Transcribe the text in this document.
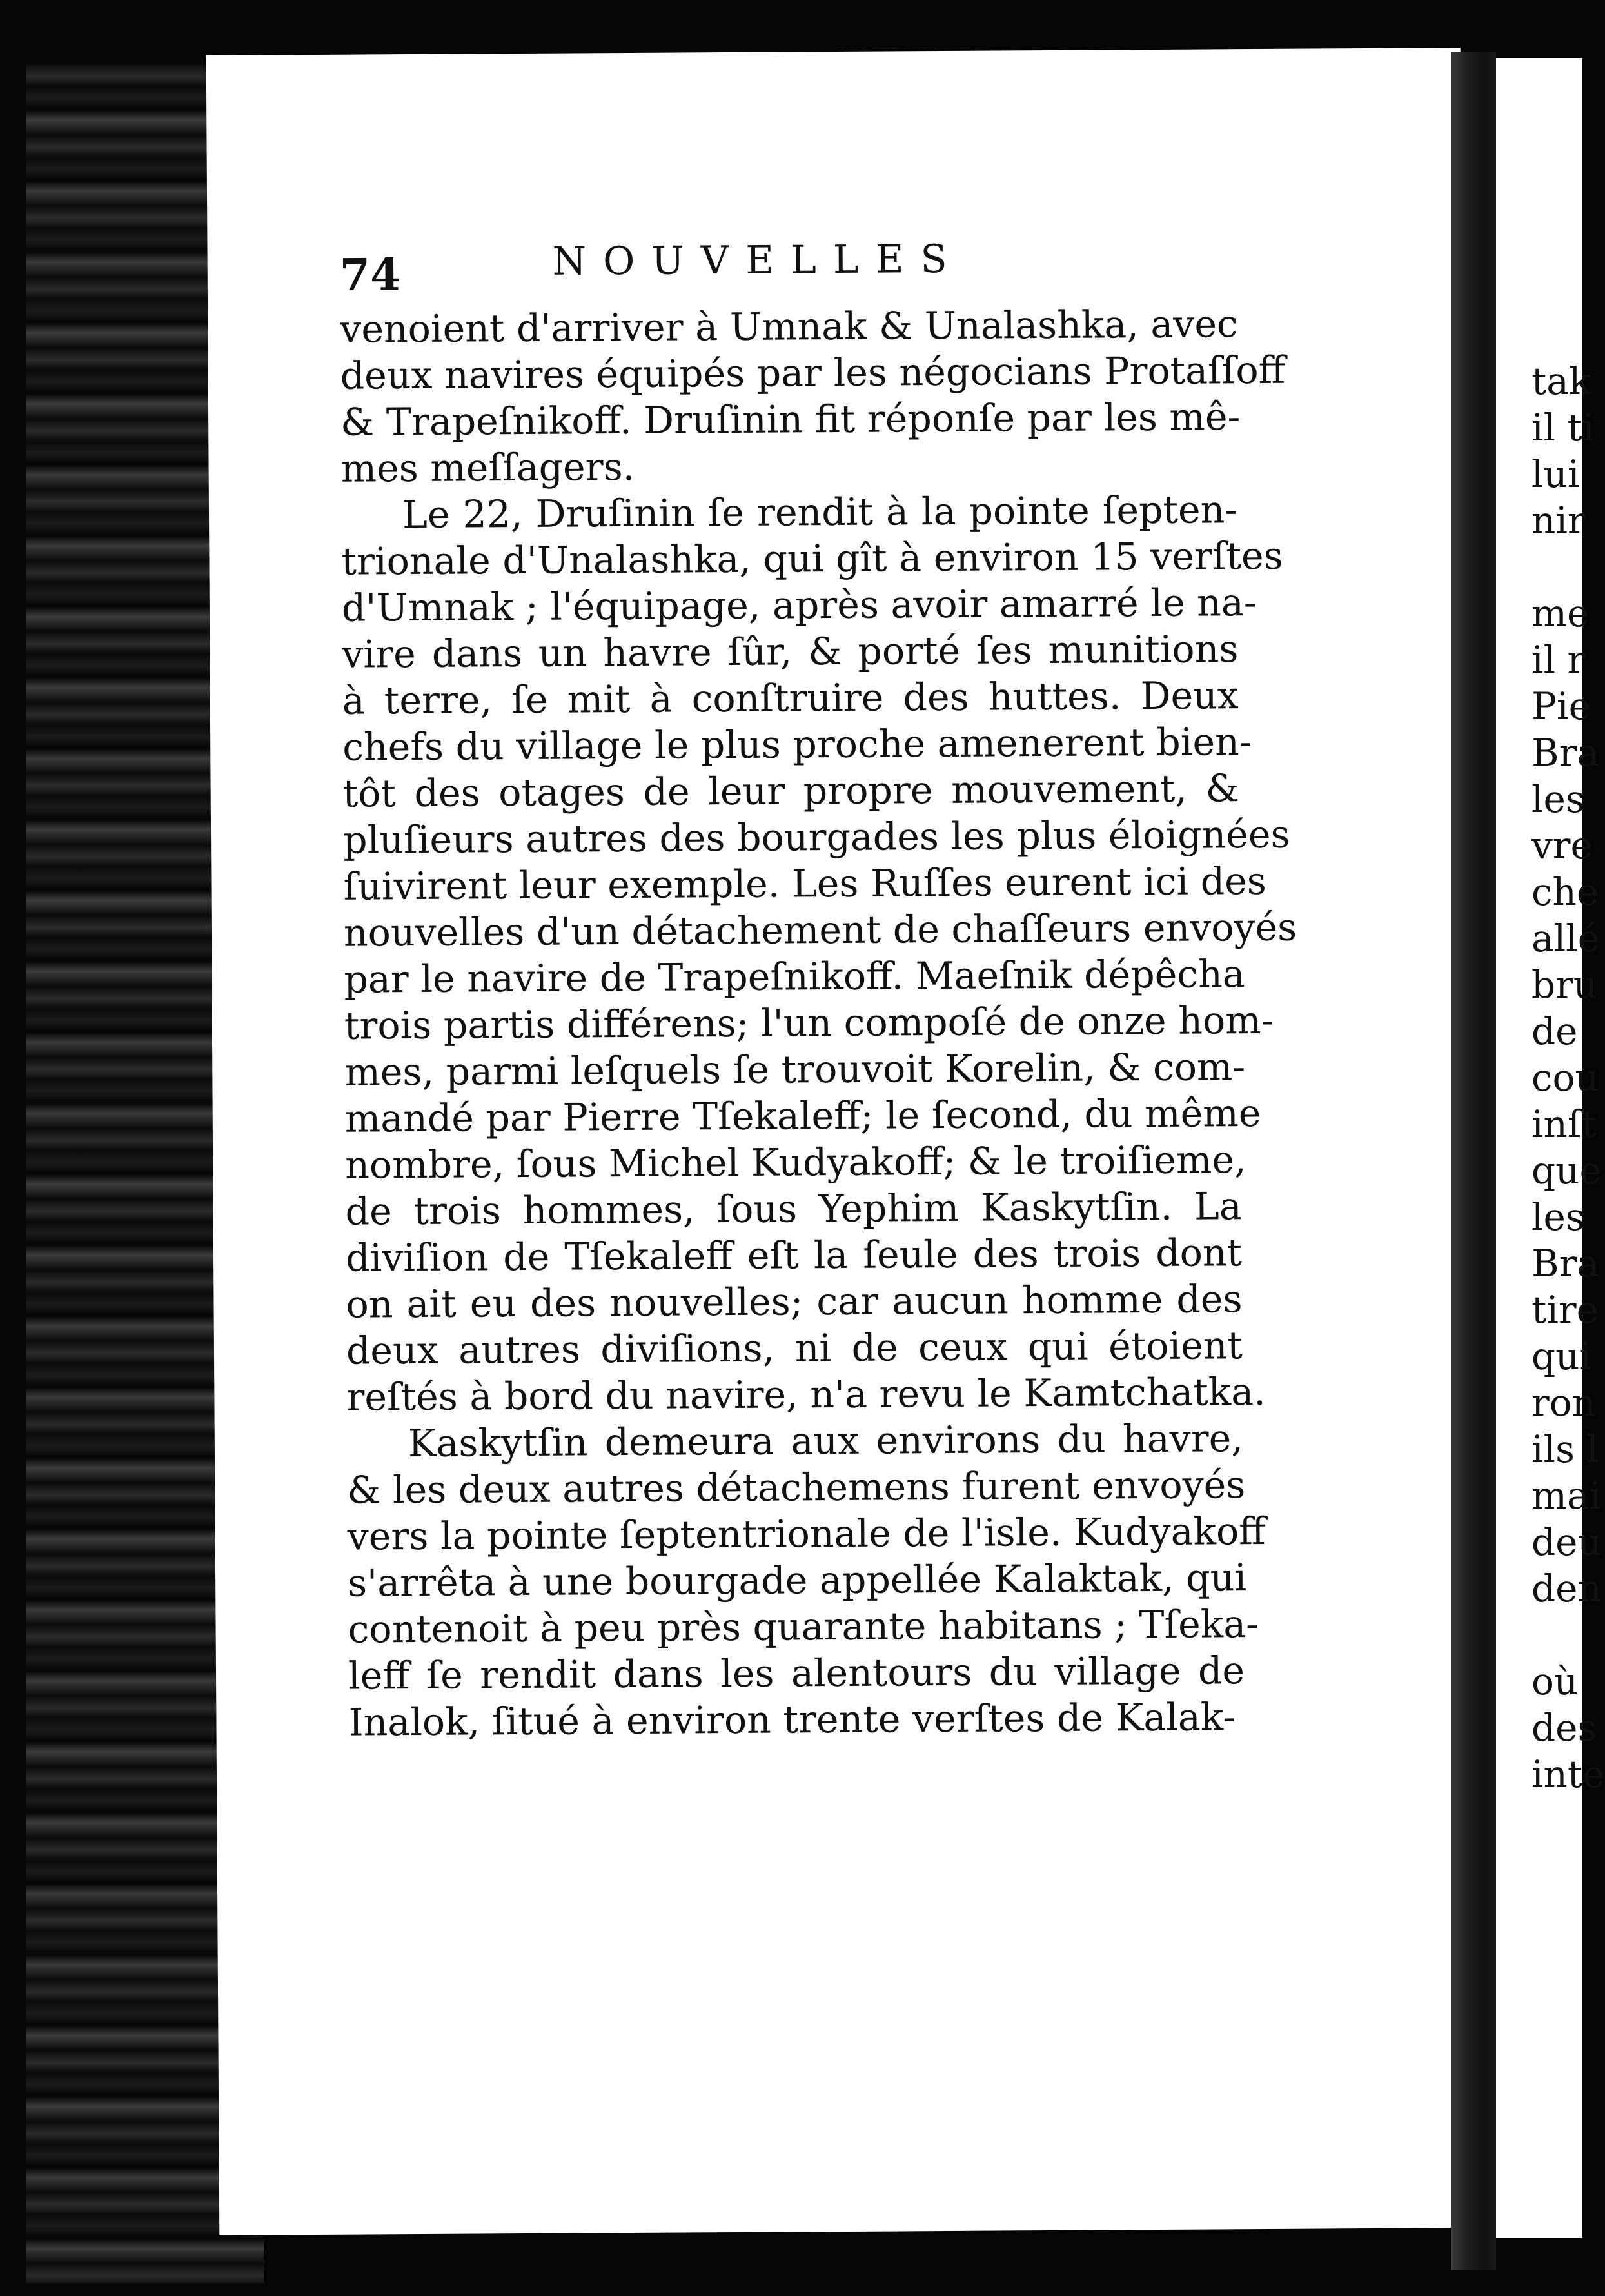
74	NOUVELLES
venoient d'arriver à Umnak & Unalashka, avec
deux navires équipés par les négocians Protaſſoff
& Trapeſnikoff. Druſinin fit réponſe par les mê-
mes meſſagers.
Le 22, Druſinin ſe rendit à la pointe ſepten-
trionale d'Unalashka, qui gît à environ 15 verſtes
d'Umnak ; l'équipage, après avoir amarré le na-
vire dans un havre ſûr, & porté ſes munitions
à terre, ſe mit à conſtruire des huttes. Deux
chefs du village le plus proche amenerent bien-
tôt des otages de leur propre mouvement, &
pluſieurs autres des bourgades les plus éloignées
ſuivirent leur exemple. Les Ruſſes eurent ici des
nouvelles d'un détachement de chaſſeurs envoyés
par le navire de Trapeſnikoff. Maeſnik dépêcha
trois partis différens; l'un compoſé de onze hom-
mes, parmi leſquels ſe trouvoit Korelin, & com-
mandé par Pierre Tſekaleff; le ſecond, du même
nombre, ſous Michel Kudyakoff; & le troiſieme,
de trois hommes, ſous Yephim Kaskytſin. La
diviſion de Tſekaleff eſt la ſeule des trois dont
on ait eu des nouvelles; car aucun homme des
deux autres diviſions, ni de ceux qui étoient
reſtés à bord du navire, n'a revu le Kamtchatka.
Kaskytſin demeura aux environs du havre,
& les deux autres détachemens furent envoyés
vers la pointe ſeptentrionale de l'isle. Kudyakoff
s'arrêta à une bourgade appellée Kalaktak, qui
contenoit à peu près quarante habitans ; Tſeka-
leff ſe rendit dans les alentours du village de
Inalok, ſitué à environ trente verſtes de Kalak-
tak
il ti
lui
nir
me
il r
Pie
Bra
les
vre
che
allé
bru
de
cou
inſt
que
les
Bra
tire
qui
ron
ils l
mai
deu
den
où
des
inte
